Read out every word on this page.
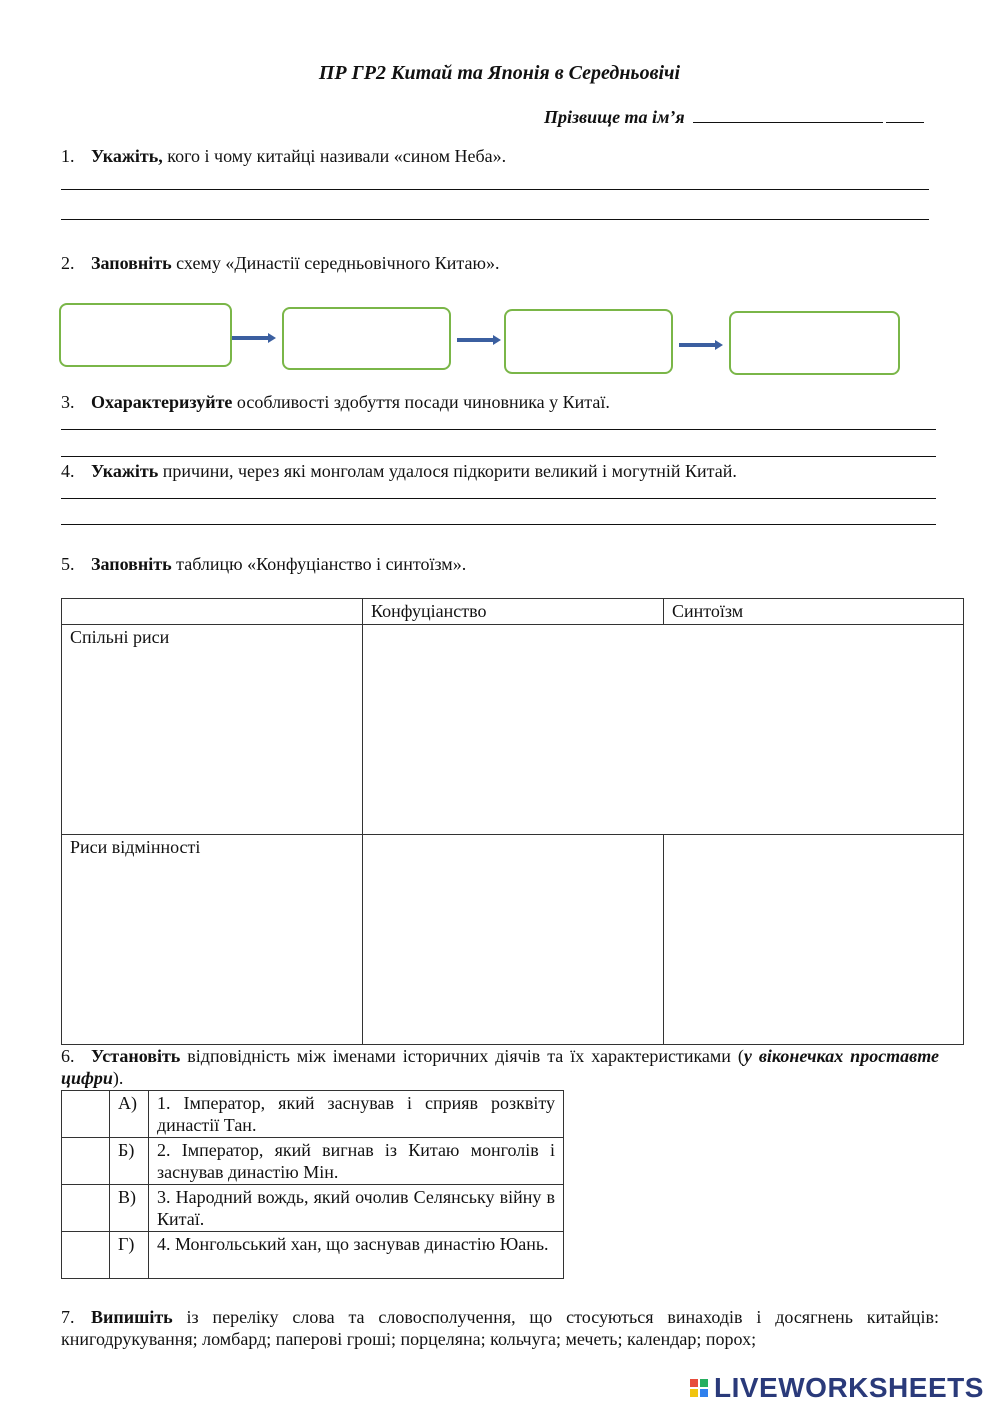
ПР ГР2 Китай та Японія в Середньовічі
Прізвище та ім’я
1. Укажіть, кого і чому китайці називали «сином Неба».
2. Заповніть схему «Династії середньовічного Китаю».
3. Охарактеризуйте особливості здобуття посади чиновника у Китаї.
4. Укажіть причини, через які монголам удалося підкорити великий і могутній Китай.
5. Заповніть таблицю «Конфуціанство і синтоїзм».
	Конфуціанство	Синтоїзм
Спільні риси		
Риси відмінності		
6. Установіть відповідність між іменами історичних діячів та їх характеристиками (у віконечках проставте цифри).
	А)	1. Імператор, який заснував і сприяв розквіту династії Тан.
	Б)	2. Імператор, який вигнав із Китаю монголів і заснував династію Мін.
	В)	3. Народний вождь, який очолив Селянську війну в Китаї.
	Г)	4. Монгольський хан, що заснував династію Юань.
7. Випишіть із переліку слова та словосполучення, що стосуються винаходів і досягнень китайців: книгодрукування; ломбард; паперові гроші; порцеляна; кольчуга; мечеть; календар; порох;
LIVEWORKSHEETS
